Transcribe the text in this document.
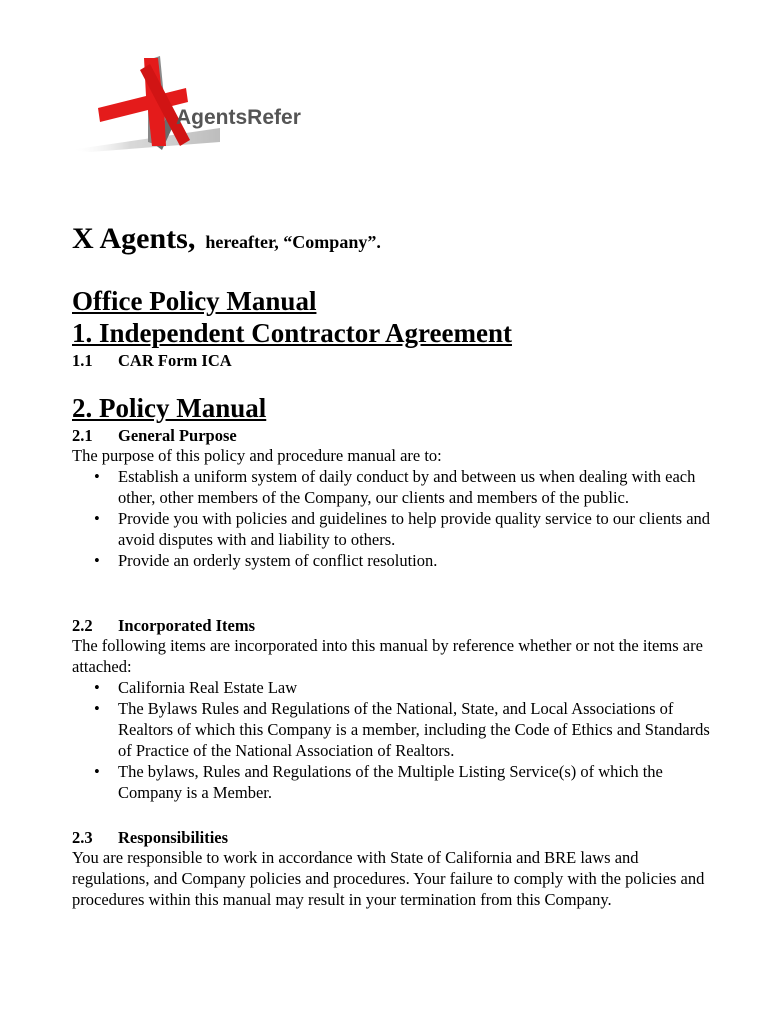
AgentsRefer
X Agents, hereafter, “Company”.
Office Policy Manual
1. Independent Contractor Agreement
1.1 CAR Form ICA
2. Policy Manual
2.1 General Purpose
The purpose of this policy and procedure manual are to:
• Establish a uniform system of daily conduct by and between us when dealing with each other, other members of the Company, our clients and members of the public.
• Provide you with policies and guidelines to help provide quality service to our clients and avoid disputes with and liability to others.
• Provide an orderly system of conflict resolution.
2.2 Incorporated Items
The following items are incorporated into this manual by reference whether or not the items are attached:
• California Real Estate Law
• The Bylaws Rules and Regulations of the National, State, and Local Associations of Realtors of which this Company is a member, including the Code of Ethics and Standards of Practice of the National Association of Realtors.
• The bylaws, Rules and Regulations of the Multiple Listing Service(s) of which the Company is a Member.
2.3 Responsibilities
You are responsible to work in accordance with State of California and BRE laws and regulations, and Company policies and procedures. Your failure to comply with the policies and procedures within this manual may result in your termination from this Company.
